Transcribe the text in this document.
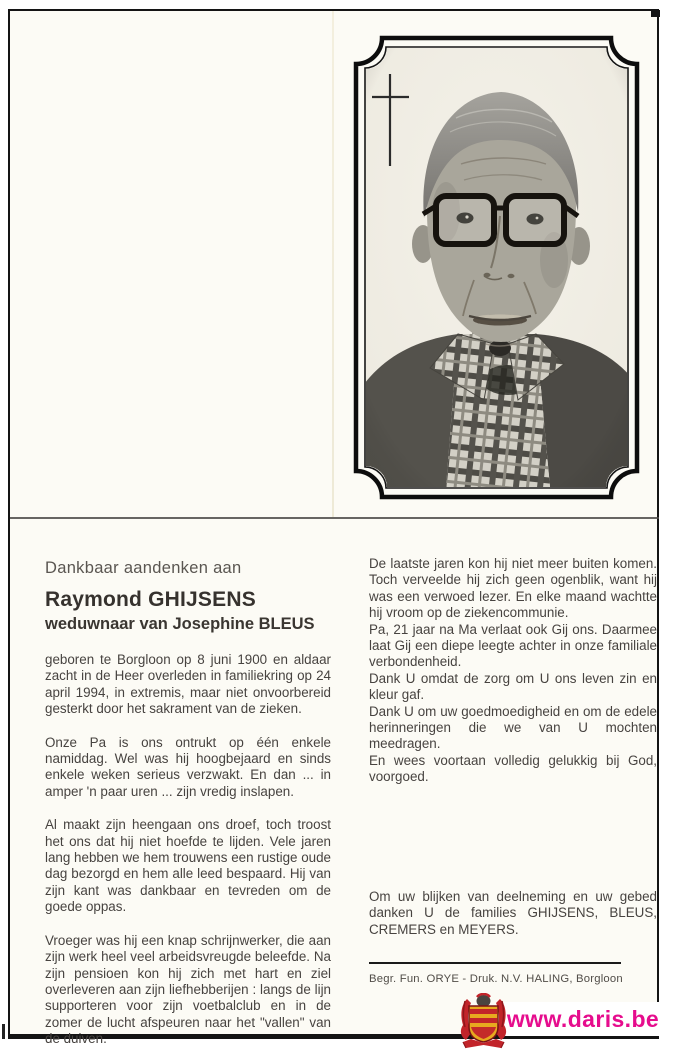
Dankbaar aandenken aan

Raymond GHIJSENS

weduwnaar van Josephine BLEUS

geboren te Borgloon op 8 juni 1900 en aldaar zacht in de Heer overleden in familiekring op 24 april 1994, in extremis, maar niet onvoorbereid gesterkt door het sakrament van de zieken.

Onze Pa is ons ontrukt op één enkele namiddag. Wel was hij hoogbejaard en sinds enkele weken serieus verzwakt. En dan ... in amper 'n paar uren ... zijn vredig inslapen.

Al maakt zijn heengaan ons droef, toch troost het ons dat hij niet hoefde te lijden. Vele jaren lang hebben we hem trouwens een rustige oude dag bezorgd en hem alle leed bespaard. Hij van zijn kant was dankbaar en tevreden om de goede oppas.

Vroeger was hij een knap schrijnwerker, die aan zijn werk heel veel arbeidsvreugde beleefde. Na zijn pensioen kon hij zich met hart en ziel overleveren aan zijn liefhebberijen : langs de lijn supporteren voor zijn voetbalclub en in de zomer de lucht afspeuren naar het "vallen" van de duiven.

De laatste jaren kon hij niet meer buiten komen. Toch verveelde hij zich geen ogenblik, want hij was een verwoed lezer. En elke maand wachtte hij vroom op de ziekencommunie.

Pa, 21 jaar na Ma verlaat ook Gij ons. Daarmee laat Gij een diepe leegte achter in onze familiale verbondenheid.

Dank U omdat de zorg om U ons leven zin en kleur gaf.

Dank U om uw goedmoedigheid en om de edele herinneringen die we van U mochten meedragen.

En wees voortaan volledig gelukkig bij God, voorgoed.

Om uw blijken van deelneming en uw gebed danken U de families GHIJSENS, BLEUS, CREMERS en MEYERS.

Begr. Fun. ORYE - Druk. N.V. HALING, Borgloon
www.daris.be
